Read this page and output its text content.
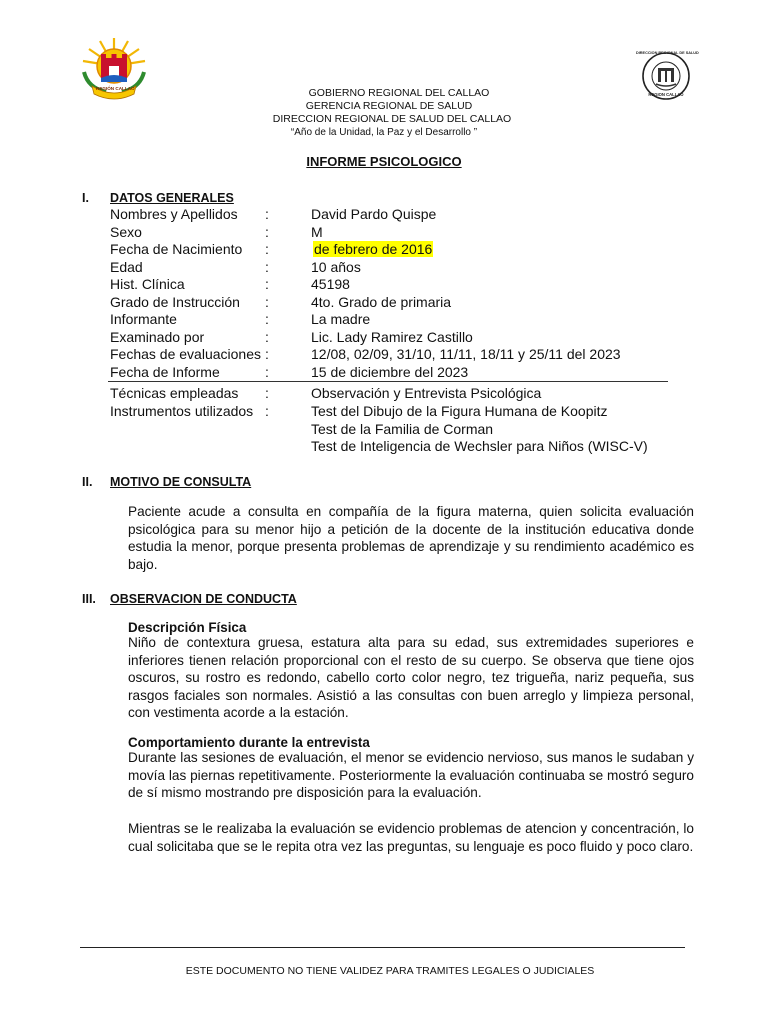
REGIÓN CALLAO
DIRECCION REGIONAL DE SALUD
REGION CALLAO
GOBIERNO REGIONAL DEL CALLAO
GERENCIA REGIONAL DE SALUD
DIRECCION REGIONAL DE SALUD DEL CALLAO
“Año de la Unidad, la Paz y el Desarrollo ”
INFORME PSICOLOGICO
I. DATOS GENERALES
Nombres y Apellidos :	David Pardo Quispe
Sexo	:	M
Fecha de Nacimiento :	de febrero de 2016
Edad	:	10 años
Hist. Clínica	:	45198
Grado de Instrucción :	4to. Grado de primaria
Informante	:	La madre
Examinado por	:	Lic. Lady Ramirez Castillo
Fechas de evaluaciones :	12/08, 02/09, 31/10, 11/11, 18/11 y 25/11 del 2023
Fecha de Informe	:	15 de diciembre del 2023
Técnicas empleadas :	Observación y Entrevista Psicológica
Instrumentos utilizados :	Test del Dibujo de la Figura Humana de Koopitz
Test de la Familia de Corman
Test de Inteligencia de Wechsler para Niños (WISC-V)
II. MOTIVO DE CONSULTA
Paciente acude a consulta en compañía de la figura materna, quien solicita evaluación psicológica para su menor hijo a petición de la docente de la institución educativa donde estudia la menor, porque presenta problemas de aprendizaje y su rendimiento académico es bajo.
III. OBSERVACION DE CONDUCTA
Descripción Física
Niño de contextura gruesa, estatura alta para su edad, sus extremidades superiores e inferiores tienen relación proporcional con el resto de su cuerpo. Se observa que tiene ojos oscuros, su rostro es redondo, cabello corto color negro, tez trigueña, nariz pequeña, sus rasgos faciales son normales. Asistió a las consultas con buen arreglo y limpieza personal, con vestimenta acorde a la estación.
Comportamiento durante la entrevista
Durante las sesiones de evaluación, el menor se evidencio nervioso, sus manos le sudaban y movía las piernas repetitivamente. Posteriormente la evaluación continuaba se mostró seguro de sí mismo mostrando pre disposición para la evaluación.
Mientras se le realizaba la evaluación se evidencio problemas de atencion y concentración, lo cual solicitaba que se le repita otra vez las preguntas, su lenguaje es poco fluido y poco claro.
ESTE DOCUMENTO NO TIENE VALIDEZ PARA TRAMITES LEGALES O JUDICIALES
